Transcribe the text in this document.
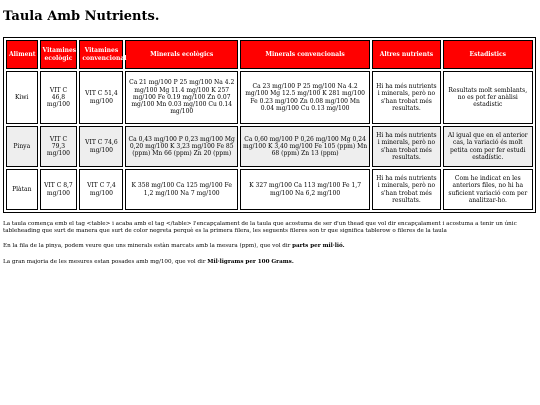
Taula Amb Nutrients.
Aliment	Vitamines ecològic	Vitamines convencional	Minerals ecològics	Minerals convencionals	Altres nutrients	Estadistics
Kiwi	VIT C 46,8 mg/100	VIT C 51,4 mg/100	Ca 21 mg/100 P 25 mg/100 Na 4.2 mg/100 Mg 11.4 mg/100 K 257 mg/100 Fe 0.19 mg/100 Zn 0.07 mg/100 Mn 0.03 mg/100 Cu 0.14 mg/100	Ca 23 mg/100 P 25 mg/100 Na 4.2 mg/100 Mg 12.5 mg/100 K 281 mg/100 Fe 0.23 mg/100 Zn 0.08 mg/100 Mn 0.04 mg/100 Cu 0.13 mg/100	Hi ha més nutrients i minerals, però no s'han trobat més resultats.	Resultats molt semblants, no es pot fer anàlisi estadistic
Pinya	VIT C 79,3 mg/100	VIT C 74,6 mg/100	Ca 0,43 mg/100 P 0,23 mg/100 Mg 0,20 mg/100 K 3,23 mg/100 Fe 85 (ppm) Mn 66 (ppm) Zn 20 (ppm)	Ca 0,60 mg/100 P 0,26 mg/100 Mg 0,24 mg/100 K 3,40 mg/100 Fe 105 (ppm) Mn 68 (ppm) Zn 13 (ppm)	Hi ha més nutrients i minerals, però no s'han trobat més resultats.	Al igual que en el anterior cas, la variació és molt petita com per fer estudi estadístic.
Plàtan	VIT C 8,7 mg/100	VIT C 7,4 mg/100	K 358 mg/100 Ca 125 mg/100 Fe 1,2 mg/100 Na 7 mg/100	K 327 mg/100 Ca 113 mg/100 Fe 1,7 mg/100 Na 6,2 mg/100	Hi ha més nutrients i minerals, però no s'han trobat més resultats.	Com he indicat en les anteriors files, no hi ha suficient variació com per analitzar-ho.

La taula comença emb el tag <table> i acaba amb el tag </table> l'encapçalament de la taula que acostuma de ser d'un thead que vol dir encapçalament i acostuma a tenir un únic tableheading que surt de manera que surt de color negreta perquè es la primera filera, les seguents fileres son tr que significa tablerow o fileres de la taula

En la fila de la pinya, podem veure que uns minerals estàn marcats amb la mesura (ppm), que vol dir parts per mil·lió.

La gran majoria de les mesures estan posades amb mg/100, que vol dir Mil·ligrams per 100 Grams.
